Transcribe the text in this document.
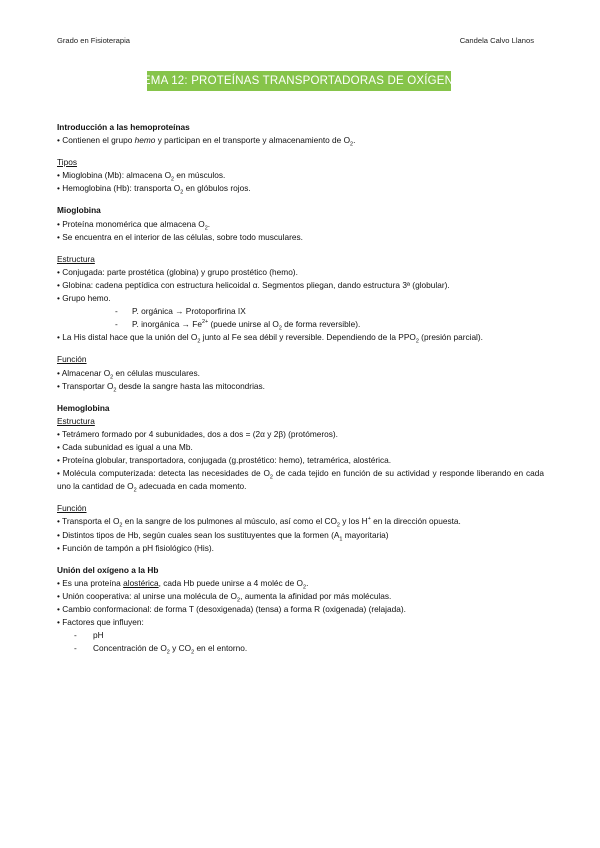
Grado en Fisioterapia	Candela Calvo Llanos
TEMA 12: PROTEÍNAS TRANSPORTADORAS DE OXÍGENO

Introducción a las hemoproteínas

• Contienen el grupo hemo y participan en el transporte y almacenamiento de $O_2$.

Tipos

• Mioglobina (Mb): almacena $O_2$ en músculos.

• Hemoglobina (Hb): transporta $O_2$ en glóbulos rojos.

Mioglobina

• Proteína monomérica que almacena $O_2$.

• Se encuentra en el interior de las células, sobre todo musculares.

Estructura

• Conjugada: parte prostética (globina) y grupo prostético (hemo).

• Globina: cadena peptídica con estructura helicoidal α. Segmentos pliegan, dando estructura 3ª (globular).

• Grupo hemo.

- P. orgánica → Protoporfirina IX

- P. inorgánica → $Fe^{2+}$ (puede unirse al $O_2$ de forma reversible).

• La His distal hace que la unión del $O_2$ junto al Fe sea débil y reversible. Dependiendo de la $PPO_2$ (presión parcial).

Función

• Almacenar $O_2$ en células musculares.

• Transportar $O_2$ desde la sangre hasta las mitocondrias.

Hemoglobina

Estructura

• Tetrámero formado por 4 subunidades, dos a dos = (2α y 2β) (protómeros).

• Cada subunidad es igual a una Mb.

• Proteína globular, transportadora, conjugada (g.prostético: hemo), tetramérica, alostérica.

• Molécula computerizada: detecta las necesidades de $O_2$ de cada tejido en función de su actividad y responde liberando en cada uno la cantidad de $O_2$ adecuada en cada momento.

Función

• Transporta el $O_2$ en la sangre de los pulmones al músculo, así como el $CO_2$ y los H+ en la dirección opuesta.

• Distintos tipos de Hb, según cuales sean los sustituyentes que la formen ($A_1$ mayoritaria)

• Función de tampón a pH fisiológico (His).

Unión del oxígeno a la Hb

• Es una proteína alostérica, cada Hb puede unirse a 4 moléc de $O_2$.

• Unión cooperativa: al unirse una molécula de $O_2$, aumenta la afinidad por más moléculas.

• Cambio conformacional: de forma T (desoxigenada) (tensa) a forma R (oxigenada) (relajada).

• Factores que influyen:

- pH

- Concentración de $O_2$ y $CO_2$ en el entorno.
